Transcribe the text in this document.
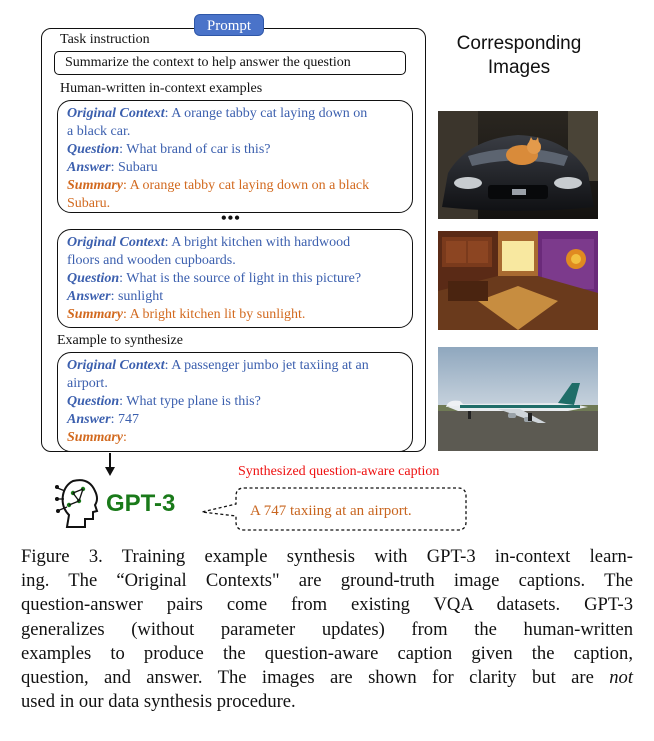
Prompt
Task instruction
Summarize the context to help answer the question
Human-written in-context examples
Original Context: A orange tabby cat laying down on
a black car.
Question: What brand of car is this?
Answer: Subaru
Summary: A orange tabby cat laying down on a black
Subaru.
•••
Original Context: A bright kitchen with hardwood
floors and wooden cupboards.
Question: What is the source of light in this picture?
Answer: sunlight
Summary: A bright kitchen lit by sunlight.
Example to synthesize
Original Context: A passenger jumbo jet taxiing at an
airport.
Question: What type plane is this?
Answer: 747
Summary:
Corresponding
Images
GPT-3
Synthesized question-aware caption
A 747 taxiing at an airport.
Figure 3. Training example synthesis with GPT-3 in-context learn-
ing. The “Original Contexts" are ground-truth image captions. The
question-answer pairs come from existing VQA datasets. GPT-3
generalizes (without parameter updates) from the human-written
examples to produce the question-aware caption given the caption,
question, and answer. The images are shown for clarity but are not
used in our data synthesis procedure.
